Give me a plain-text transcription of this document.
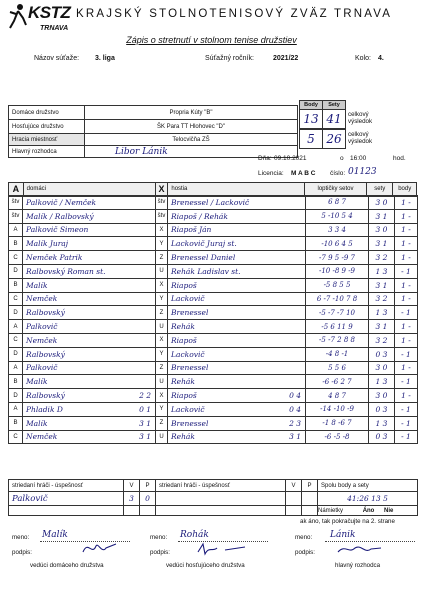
KSTZ
TRNAVA
KRAJSKÝ STOLNOTENISOVÝ ZVÄZ TRNAVA
Zápis o stretnutí v stolnom tenise družstiev
Názov súťaže: 3. liga	Súťažný ročník:	2021/22	Kolo: 4.
Domáce družstvo	Propria Kúty "B"
Hosťujúce družstvo	ŠK Para TT Hlohovec "D"
Hracia miestnosť	Telocvičňa ZŠ
Hlavný rozhodca	Libor Lánik
Body	Sety
13 41
5 26
celkový výsledok
celkový výsledok
Dňa: 09.10.2021	o 16:00	hod.
Licencia: M A B C číslo: 01123
A	domáci	X	hostia	loptičky setov	sety	body
štv	Palkovič / Nemček	štv	Brenessel / Lackovič	6 8 7	3 0	1 -
štv	Malík / Ralbovský	štv	Riapoš / Rehák	5 -10 5 4	3 1	1 -
A	Palkovič Simeon	X	Riapoš Ján	3 3 4	3 0	1 -
B	Malík Juraj	Y	Lackovič Juraj st.	-10 6 4 5	3 1	1 -
C	Nemček Patrik	Z	Brenessel Daniel	-7 9 5 -9 7	3 2	1 -
D	Ralbovský Roman st.	U	Rehák Ladislav st.	-10 -8 9 -9	1 3	- 1
B	Malík	X	Riapoš	-5 8 5 5	3 1	1 -
C	Nemček	Y	Lackovič	6 -7 -10 7 8	3 2	1 -
D	Ralbovský	Z	Brenessel	-5 -7 -7 10	1 3	- 1
A	Palkovič	U	Rehák	-5 6 11 9	3 1	1 -
C	Nemček	X	Riapoš	-5 -7 2 8 8	3 2	1 -
D	Ralbovský	Y	Lackovič	-4 8 -1	0 3	- 1
A	Palkovič	Z	Brenessel	5 5 6	3 0	1 -
B	Malík	U	Rehák	-6 -6 2 7	1 3	- 1
D	Ralbovský 2 2	X	Riapoš 0 4	4 8 7	3 0	1 -
A	Phladik D 0 1	Y	Lackovič 0 4	-14 -10 -9	0 3	- 1
B	Malík 3 1	Z	Brenessel 2 3	-1 8 -6 7	1 3	- 1
C	Nemček 3 1	U	Rehák 3 1	-6 -5 -8	0 3	- 1
striedaní hráči - úspešnosť	V	P	striedaní hráči - úspešnosť	V	P	Spolu body a sety
Palkovič	3	0				41:26 13 5
						Námietky Áno Nie
ak áno, tak pokračujte na 2. strane
meno: Malík
podpis:
vedúci domáceho družstva
meno: Rohák
podpis:
vedúci hosťujúceho družstva
meno: Lánik
podpis:
hlavný rozhodca
